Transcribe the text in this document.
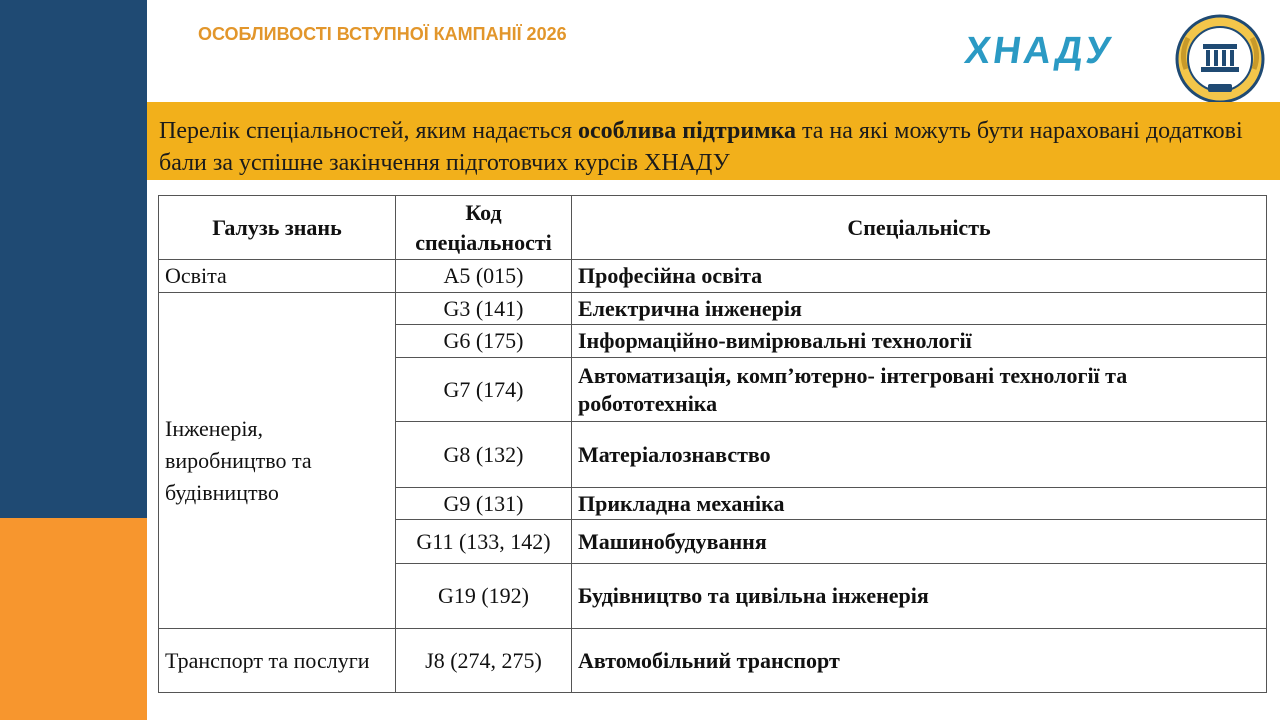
ОСОБЛИВОСТІ ВСТУПНОЇ КАМПАНІЇ 2026	ХНАДУ
Перелік спеціальностей, яким надається особлива підтримка та на які можуть бути нараховані додаткові бали за успішне закінчення підготовчих курсів ХНАДУ
Галузь знань	Код спеціальності	Спеціальність
Освіта	A5 (015)	Професійна освіта
Інженерія, виробництво та будівництво	G3 (141)	Електрична інженерія
	G6 (175)	Інформаційно-вимірювальні технології
	G7 (174)	Автоматизація, комп’ютерно- інтегровані технології та робототехніка
	G8 (132)	Матеріалознавство
	G9 (131)	Прикладна механіка
	G11 (133, 142)	Машинобудування
	G19 (192)	Будівництво та цивільна інженерія
Транспорт та послуги	J8 (274, 275)	Автомобільний транспорт
